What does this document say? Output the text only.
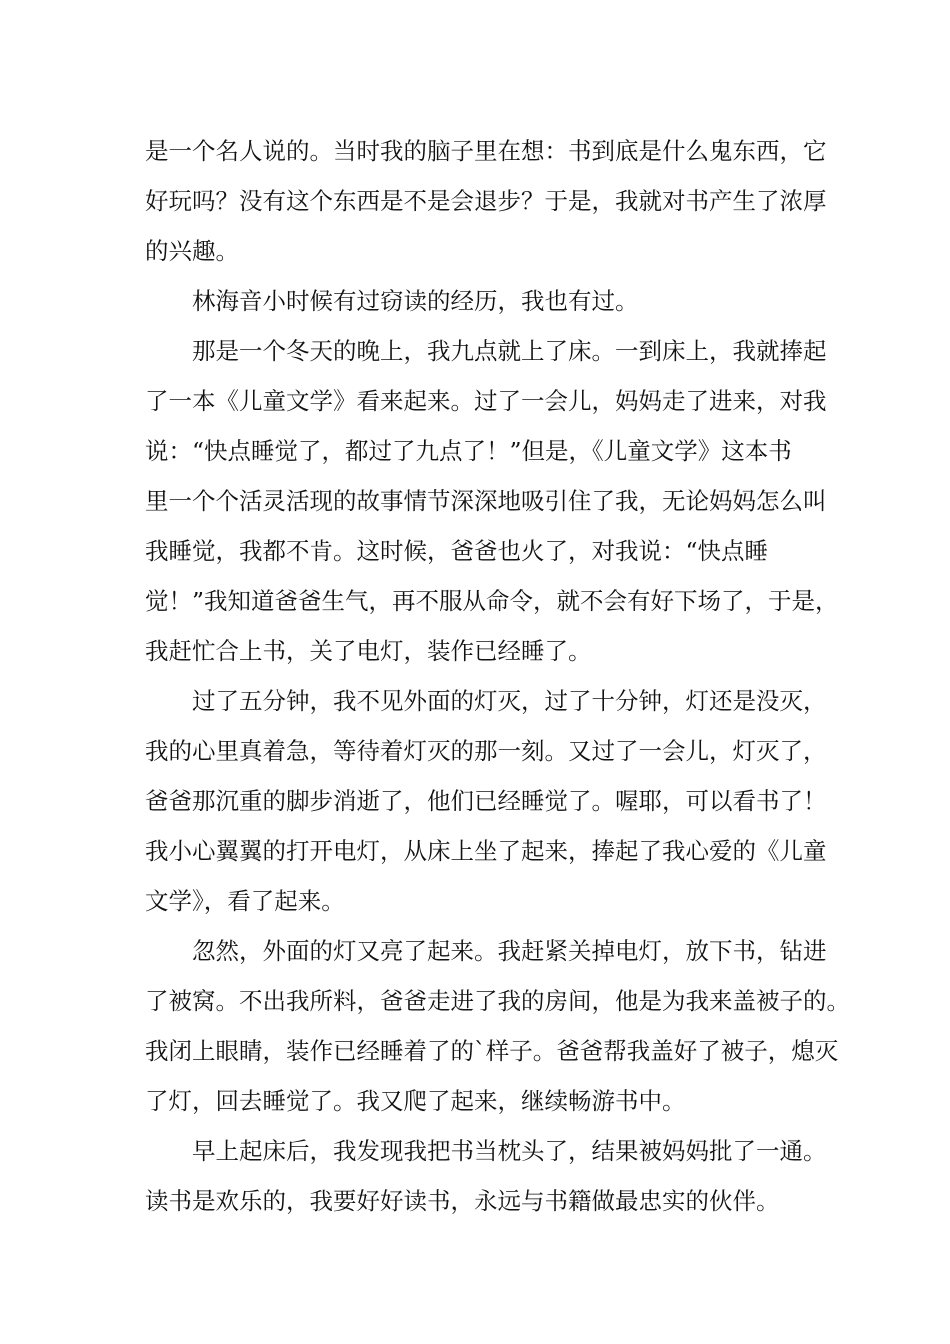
是一个名人说的。当时我的脑子里在想：书到底是什么鬼东西，它
好玩吗？没有这个东西是不是会退步？于是，我就对书产生了浓厚
的兴趣。
　　林海音小时候有过窃读的经历，我也有过。
　　那是一个冬天的晚上，我九点就上了床。一到床上，我就捧起
了一本《儿童文学》看来起来。过了一会儿，妈妈走了进来，对我
说：“快点睡觉了，都过了九点了！”但是，《儿童文学》这本书
里一个个活灵活现的故事情节深深地吸引住了我，无论妈妈怎么叫
我睡觉，我都不肯。这时候，爸爸也火了，对我说：“快点睡
觉！”我知道爸爸生气，再不服从命令，就不会有好下场了，于是，
我赶忙合上书，关了电灯，装作已经睡了。
　　过了五分钟，我不见外面的灯灭，过了十分钟，灯还是没灭，
我的心里真着急，等待着灯灭的那一刻。又过了一会儿，灯灭了，
爸爸那沉重的脚步消逝了，他们已经睡觉了。喔耶，可以看书了！
我小心翼翼的打开电灯，从床上坐了起来，捧起了我心爱的《儿童
文学》，看了起来。
　　忽然，外面的灯又亮了起来。我赶紧关掉电灯，放下书，钻进
了被窝。不出我所料，爸爸走进了我的房间，他是为我来盖被子的。
我闭上眼睛，装作已经睡着了的`样子。爸爸帮我盖好了被子，熄灭
了灯，回去睡觉了。我又爬了起来，继续畅游书中。
　　早上起床后，我发现我把书当枕头了，结果被妈妈批了一通。
读书是欢乐的，我要好好读书，永远与书籍做最忠实的伙伴。
